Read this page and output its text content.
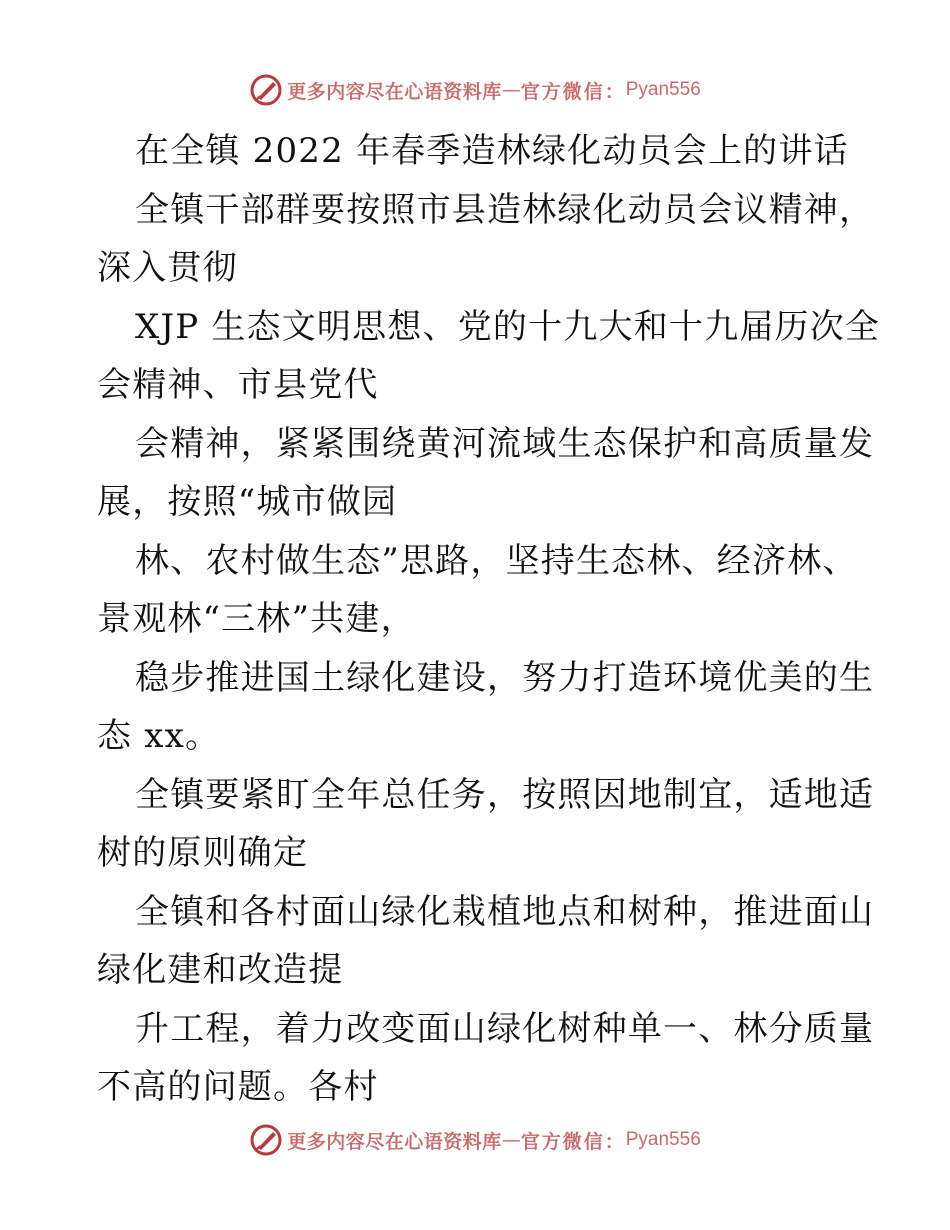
更多内容尽在心语资料库 — 官方微信： Pyan556
在全镇 2022 年春季造林绿化动员会上的讲话
全镇干部群要按照市县造林绿化动员会议精神，
深入贯彻
XJP 生态文明思想、党的十九大和十九届历次全
会精神、市县党代
会精神，紧紧围绕黄河流域生态保护和高质量发
展，按照“城市做园
林、农村做生态”思路，坚持生态林、经济林、
景观林“三林”共建，
稳步推进国土绿化建设，努力打造环境优美的生
态 xx。
全镇要紧盯全年总任务，按照因地制宜，适地适
树的原则确定
全镇和各村面山绿化栽植地点和树种，推进面山
绿化建和改造提
升工程，着力改变面山绿化树种单一、林分质量
不高的问题。各村
更多内容尽在心语资料库 — 官方微信： Pyan556
